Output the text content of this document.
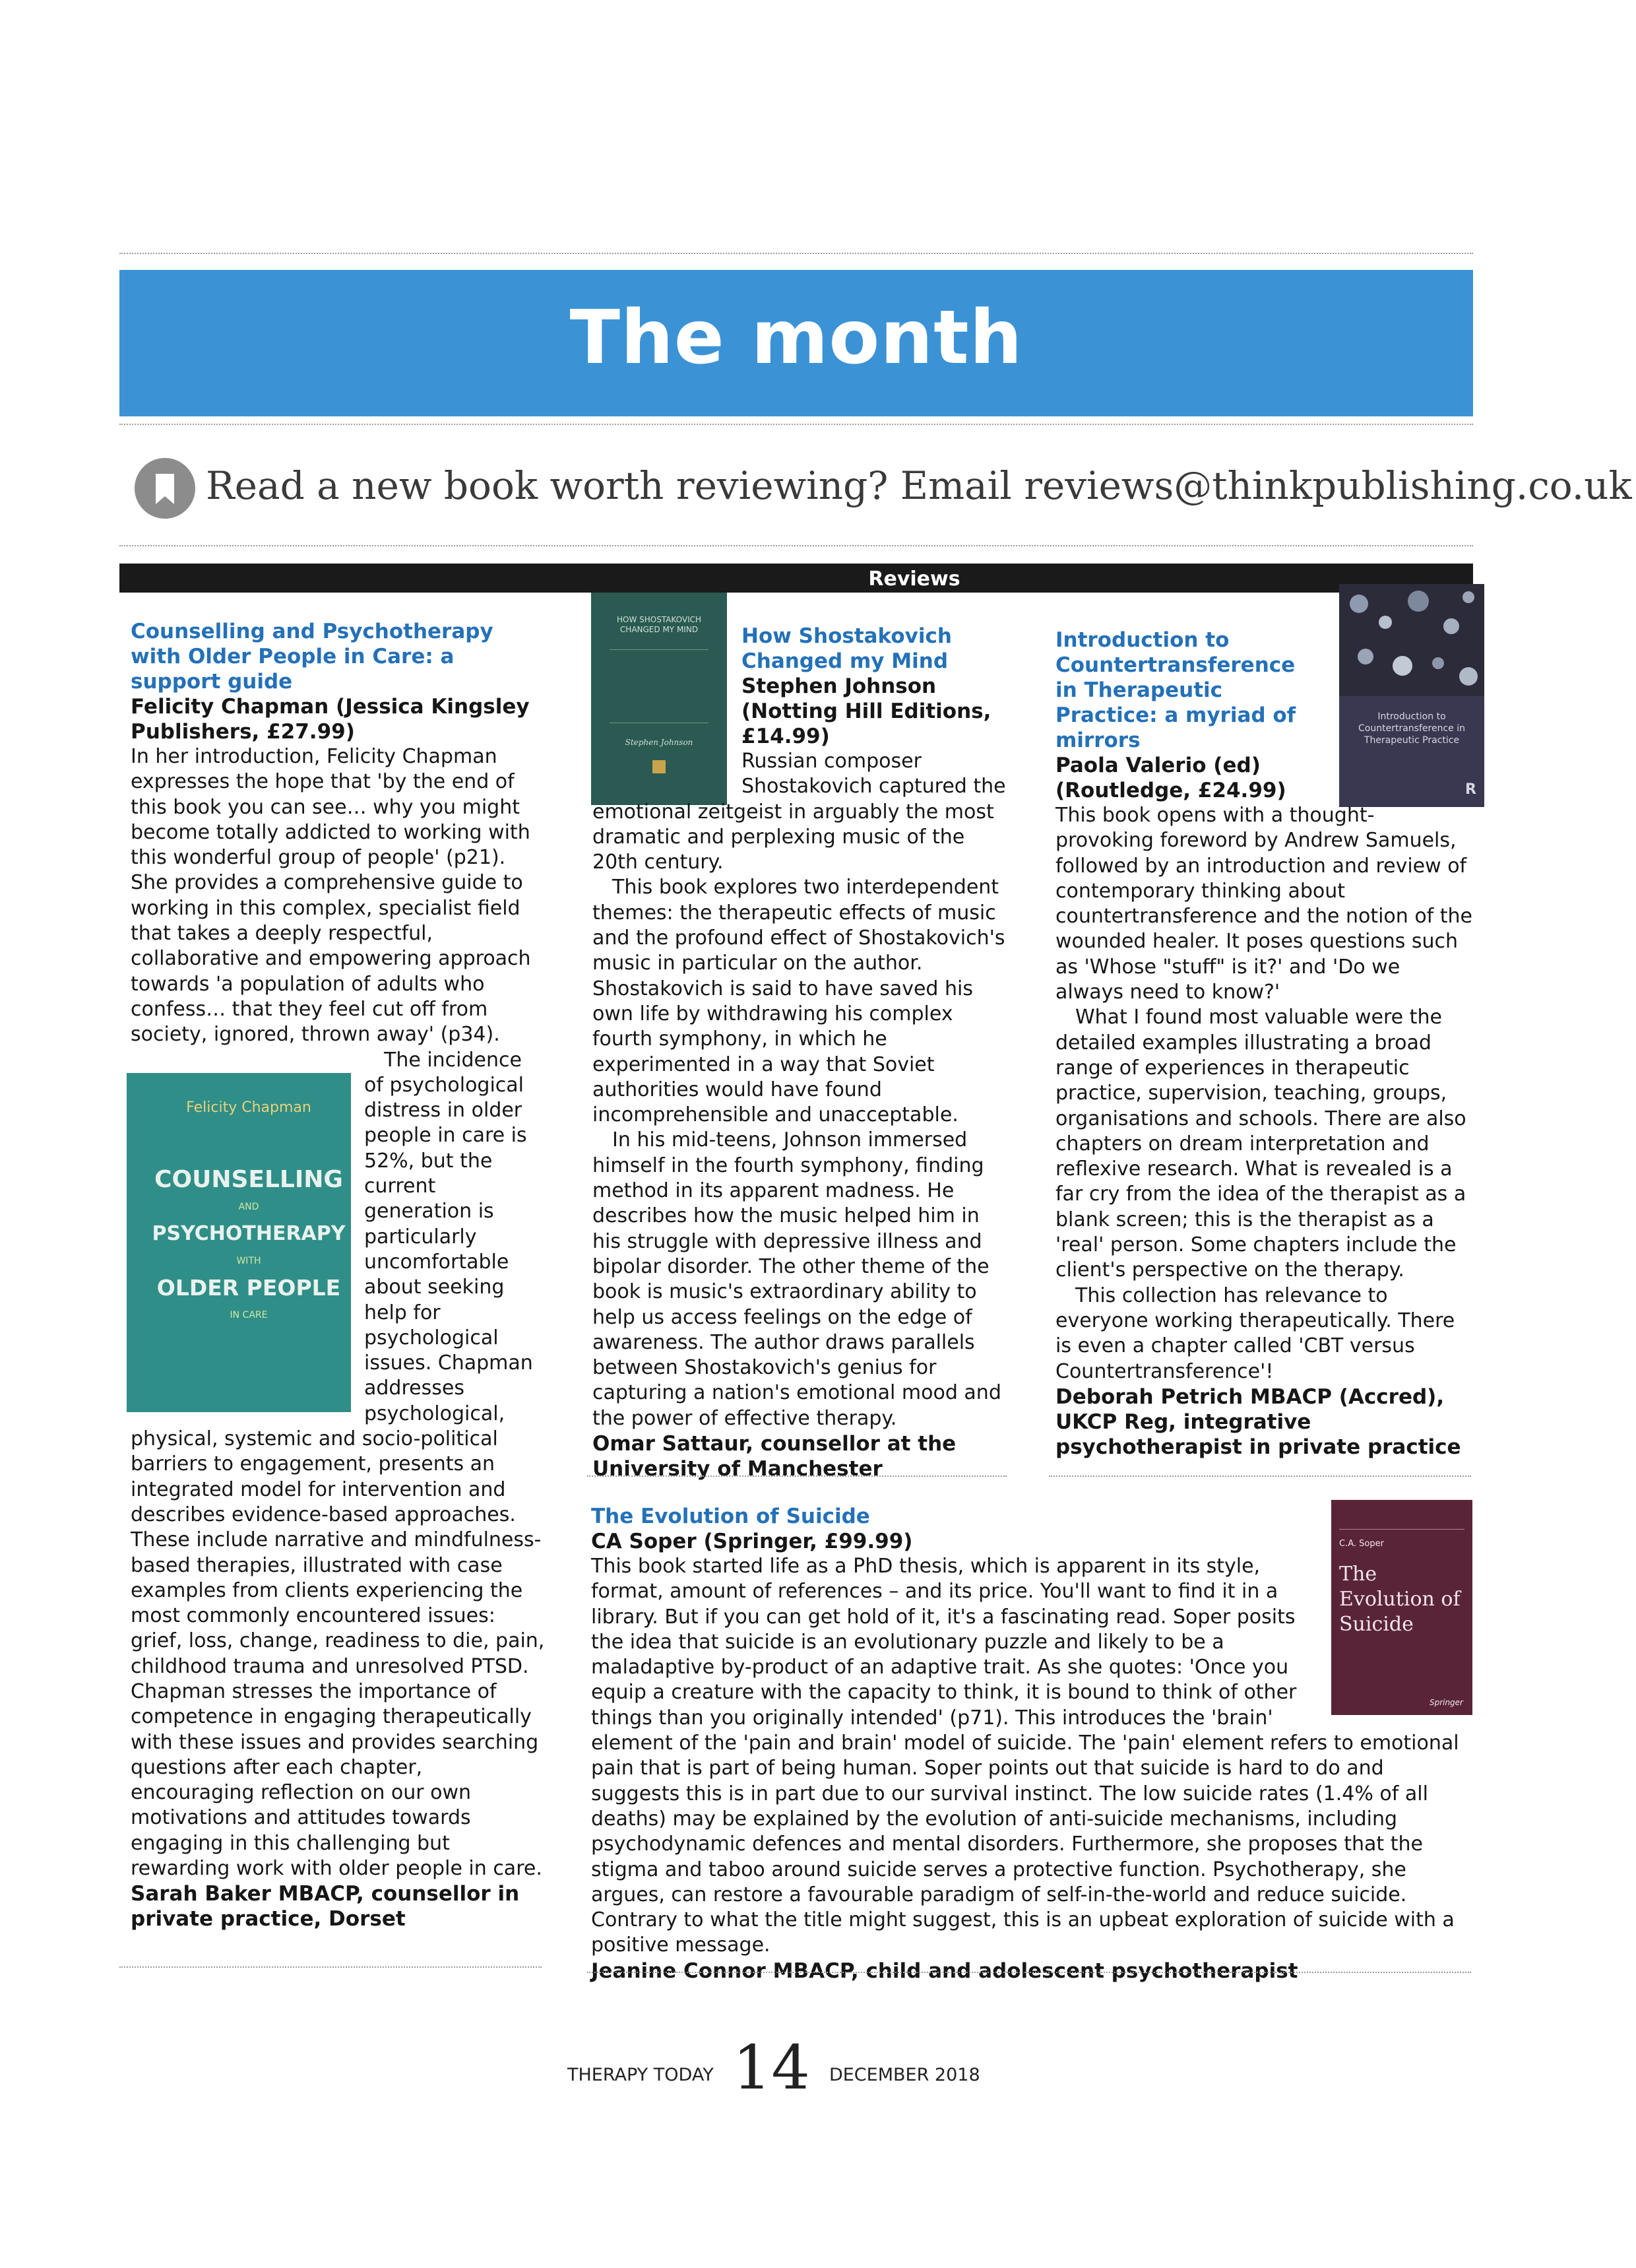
The month
Read a new book worth reviewing? Email reviews@thinkpublishing.co.uk
Reviews
Counselling and Psychotherapy with Older People in Care: a support guide
Felicity Chapman (Jessica Kingsley Publishers, £27.99)

In her introduction, Felicity Chapman expresses the hope that 'by the end of this book you can see… why you might become totally addicted to working with this wonderful group of people' (p21). She provides a comprehensive guide to working in this complex, specialist field that takes a deeply respectful, collaborative and empowering approach towards 'a population of adults who confess… that they feel cut off from society, ignored, thrown away' (p34).

Felicity Chapman
COUNSELLING
AND
PSYCHOTHERAPY
WITH
OLDER PEOPLE
IN CARE
The incidence of psychological distress in older people in care is 52%, but the current generation is particularly uncomfortable about seeking help for psychological issues. Chapman addresses psychological, physical, systemic and socio-political barriers to engagement, presents an integrated model for intervention and describes evidence-based approaches. These include narrative and mindfulness-based therapies, illustrated with case examples from clients experiencing the most commonly encountered issues: grief, loss, change, readiness to die, pain, childhood trauma and unresolved PTSD. Chapman stresses the importance of competence in engaging therapeutically with these issues and provides searching questions after each chapter, encouraging reflection on our own motivations and attitudes towards engaging in this challenging but rewarding work with older people in care.

Sarah Baker MBACP, counsellor in private practice, Dorset
HOW SHOSTAKOVICH CHANGED MY MIND
Stephen Johnson
How Shostakovich Changed my Mind
Stephen Johnson (Notting Hill Editions, £14.99)

Russian composer Shostakovich captured the emotional zeitgeist in arguably the most dramatic and perplexing music of the 20th century.

This book explores two interdependent themes: the therapeutic effects of music and the profound effect of Shostakovich's music in particular on the author. Shostakovich is said to have saved his own life by withdrawing his complex fourth symphony, in which he experimented in a way that Soviet authorities would have found incomprehensible and unacceptable.

In his mid-teens, Johnson immersed himself in the fourth symphony, finding method in its apparent madness. He describes how the music helped him in his struggle with depressive illness and bipolar disorder. The other theme of the book is music's extraordinary ability to help us access feelings on the edge of awareness. The author draws parallels between Shostakovich's genius for capturing a nation's emotional mood and the power of effective therapy.

Omar Sattaur, counsellor at the University of Manchester
Introduction to Countertransference in Therapeutic Practice
R
Introduction to Countertransference in Therapeutic Practice: a myriad of mirrors
Paola Valerio (ed) (Routledge, £24.99)

This book opens with a thought-provoking foreword by Andrew Samuels, followed by an introduction and review of contemporary thinking about countertransference and the notion of the wounded healer. It poses questions such as 'Whose "stuff" is it?' and 'Do we always need to know?'

What I found most valuable were the detailed examples illustrating a broad range of experiences in therapeutic practice, supervision, teaching, groups, organisations and schools. There are also chapters on dream interpretation and reflexive research. What is revealed is a far cry from the idea of the therapist as a blank screen; this is the therapist as a 'real' person. Some chapters include the client's perspective on the therapy.

This collection has relevance to everyone working therapeutically. There is even a chapter called 'CBT versus Countertransference'!

Deborah Petrich MBACP (Accred), UKCP Reg, integrative psychotherapist in private practice
C.A. Soper
The Evolution of Suicide
Springer
The Evolution of Suicide
CA Soper (Springer, £99.99)

This book started life as a PhD thesis, which is apparent in its style, format, amount of references – and its price. You'll want to find it in a library. But if you can get hold of it, it's a fascinating read. Soper posits the idea that suicide is an evolutionary puzzle and likely to be a maladaptive by-product of an adaptive trait. As she quotes: 'Once you equip a creature with the capacity to think, it is bound to think of other things than you originally intended' (p71). This introduces the 'brain' element of the 'pain and brain' model of suicide. The 'pain' element refers to emotional pain that is part of being human. Soper points out that suicide is hard to do and suggests this is in part due to our survival instinct. The low suicide rates (1.4% of all deaths) may be explained by the evolution of anti-suicide mechanisms, including psychodynamic defences and mental disorders. Furthermore, she proposes that the stigma and taboo around suicide serves a protective function. Psychotherapy, she argues, can restore a favourable paradigm of self-in-the-world and reduce suicide. Contrary to what the title might suggest, this is an upbeat exploration of suicide with a positive message.

Jeanine Connor MBACP, child and adolescent psychotherapist
THERAPY TODAY 14 DECEMBER 2018
